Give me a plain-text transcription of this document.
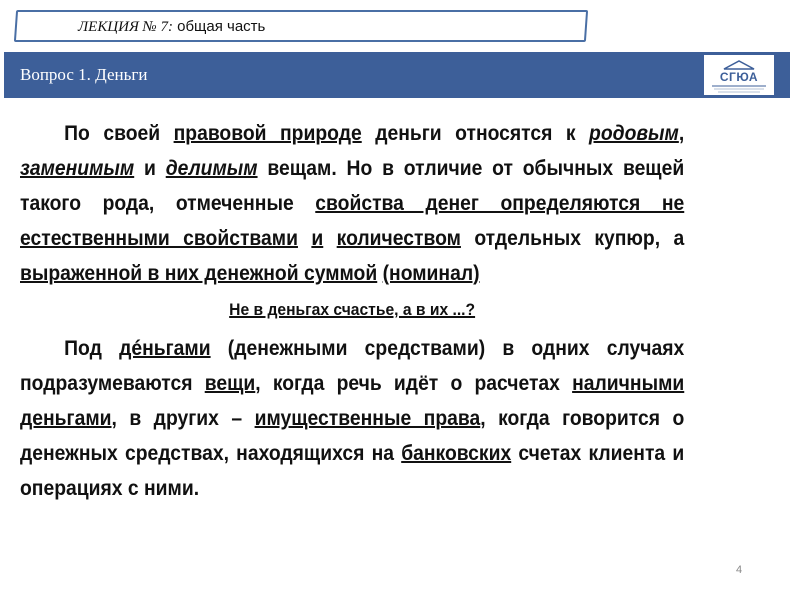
ЛЕКЦИЯ № 7: общая часть
Вопрос 1. Деньги	СГЮА

По своей правовой природе деньги относятся к родовым, заменимым и делимым вещам. Но в отличие от обычных вещей такого рода, отмеченные свойства денег определяются не естественными свойствами и количеством отдельных купюр, а выраженной в них денежной суммой (номинал)

Не в деньгах счастье, а в их ...?

Под дéньгами (денежными средствами) в одних случаях подразумеваются вещи, когда речь идёт о расчетах наличными деньгами, в других – имущественные права, когда говорится о денежных средствах, находящихся на банковских счетах клиента и операциях с ними.

4
